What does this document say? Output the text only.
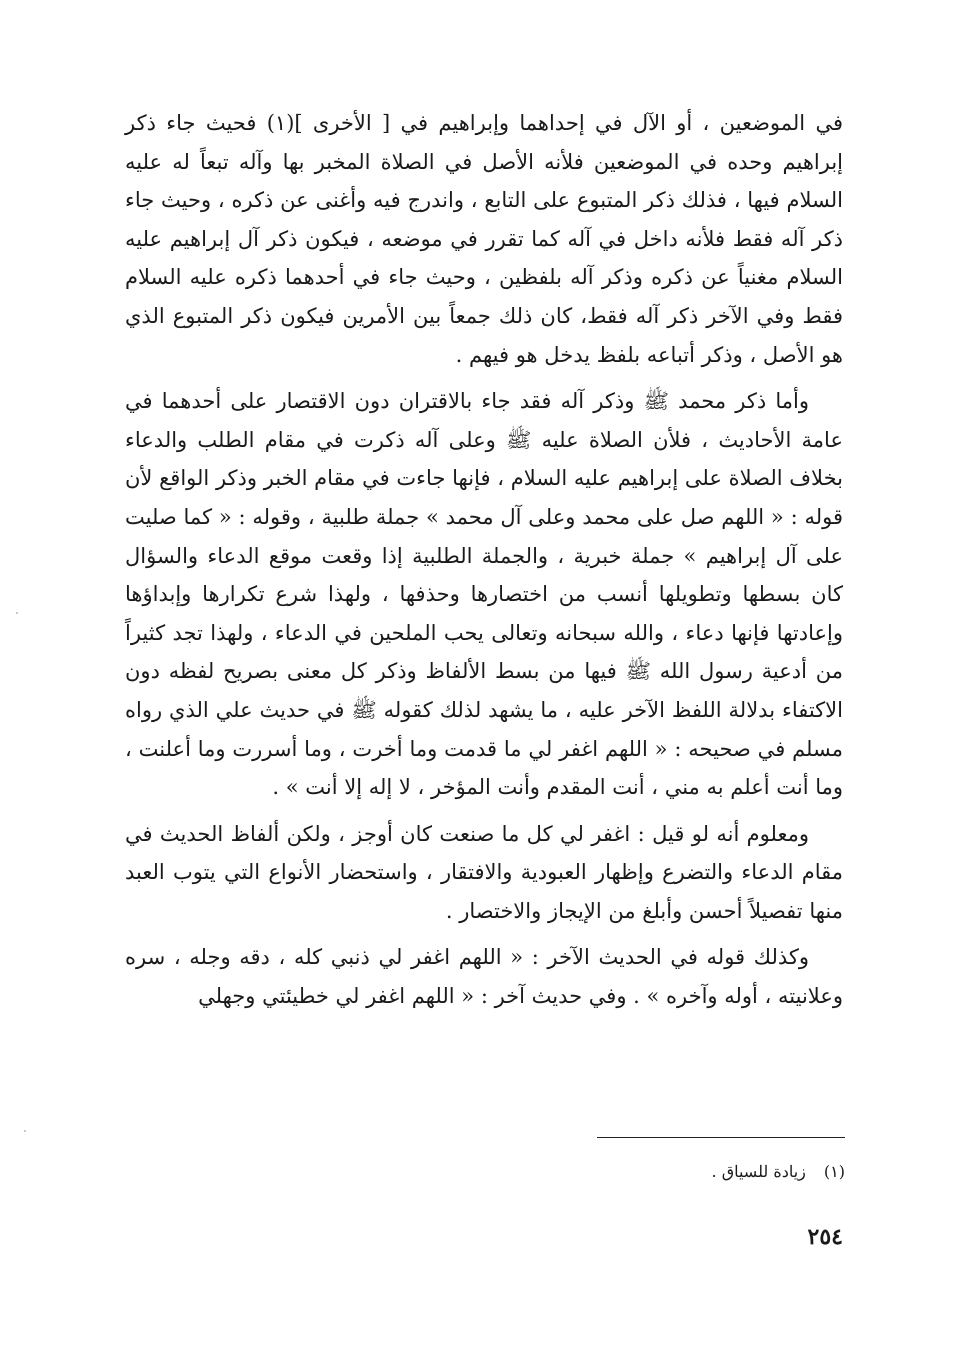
في الموضعين ، أو الآل في إحداهما وإبراهيم في [ الأخرى ](١) فحيث جاء ذكر إبراهيم وحده في الموضعين فلأنه الأصل في الصلاة المخبر بها وآله تبعاً له عليه السلام فيها ، فذلك ذكر المتبوع على التابع ، واندرج فيه وأغنى عن ذكره ، وحيث جاء ذكر آله فقط فلأنه داخل في آله كما تقرر في موضعه ، فيكون ذكر آل إبراهيم عليه السلام مغنياً عن ذكره وذكر آله بلفظين ، وحيث جاء في أحدهما ذكره عليه السلام فقط وفي الآخر ذكر آله فقط، كان ذلك جمعاً بين الأمرين فيكون ذكر المتبوع الذي هو الأصل ، وذكر أتباعه بلفظ يدخل هو فيهم .

وأما ذكر محمد ﷺ وذكر آله فقد جاء بالاقتران دون الاقتصار على أحدهما في عامة الأحاديث ، فلأن الصلاة عليه ﷺ وعلى آله ذكرت في مقام الطلب والدعاء بخلاف الصلاة على إبراهيم عليه السلام ، فإنها جاءت في مقام الخبر وذكر الواقع لأن قوله : « اللهم صل على محمد وعلى آل محمد » جملة طلبية ، وقوله : « كما صليت على آل إبراهيم » جملة خبرية ، والجملة الطلبية إذا وقعت موقع الدعاء والسؤال كان بسطها وتطويلها أنسب من اختصارها وحذفها ، ولهذا شرع تكرارها وإبداؤها وإعادتها فإنها دعاء ، والله سبحانه وتعالى يحب الملحين في الدعاء ، ولهذا تجد كثيراً من أدعية رسول الله ﷺ فيها من بسط الألفاظ وذكر كل معنى بصريح لفظه دون الاكتفاء بدلالة اللفظ الآخر عليه ، ما يشهد لذلك كقوله ﷺ في حديث علي الذي رواه مسلم في صحيحه : « اللهم اغفر لي ما قدمت وما أخرت ، وما أسررت وما أعلنت ، وما أنت أعلم به مني ، أنت المقدم وأنت المؤخر ، لا إله إلا أنت » .

ومعلوم أنه لو قيل : اغفر لي كل ما صنعت كان أوجز ، ولكن ألفاظ الحديث في مقام الدعاء والتضرع وإظهار العبودية والافتقار ، واستحضار الأنواع التي يتوب العبد منها تفصيلاً أحسن وأبلغ من الإيجاز والاختصار .

وكذلك قوله في الحديث الآخر : « اللهم اغفر لي ذنبي كله ، دقه وجله ، سره وعلانيته ، أوله وآخره » . وفي حديث آخر : « اللهم اغفر لي خطيئتي وجهلي

(١)زيادة للسياق .
٢٥٤
